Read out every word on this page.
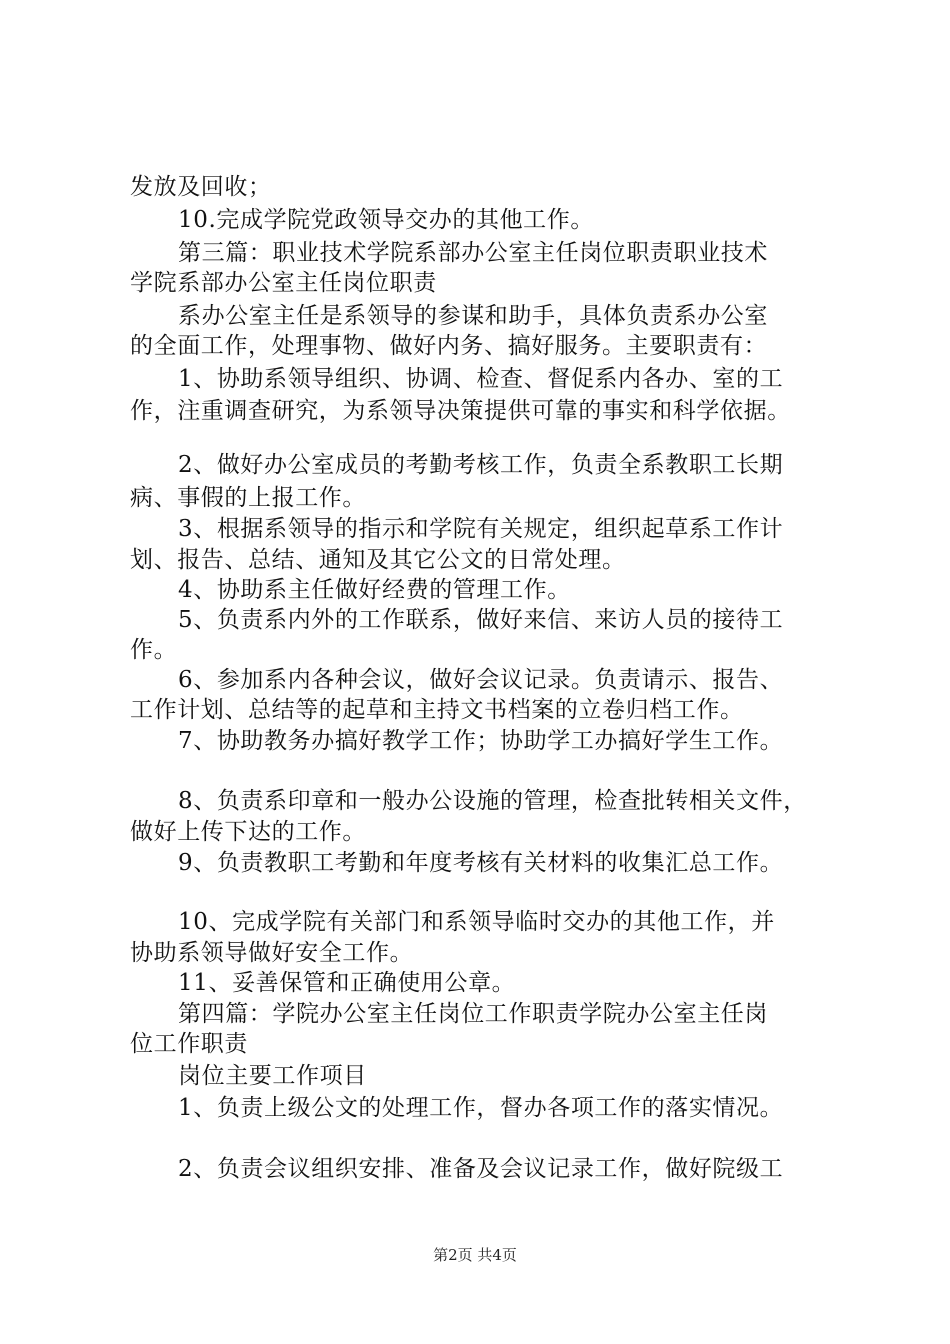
发放及回收；
10.完成学院党政领导交办的其他工作。
第三篇：职业技术学院系部办公室主任岗位职责职业技术
学院系部办公室主任岗位职责
系办公室主任是系领导的参谋和助手，具体负责系办公室
的全面工作，处理事物、做好内务、搞好服务。主要职责有：
1、协助系领导组织、协调、检查、督促系内各办、室的工
作，注重调查研究，为系领导决策提供可靠的事实和科学依据。
2、做好办公室成员的考勤考核工作，负责全系教职工长期
病、事假的上报工作。
3、根据系领导的指示和学院有关规定，组织起草系工作计
划、报告、总结、通知及其它公文的日常处理。
4、协助系主任做好经费的管理工作。
5、负责系内外的工作联系，做好来信、来访人员的接待工
作。
6、参加系内各种会议，做好会议记录。负责请示、报告、
工作计划、总结等的起草和主持文书档案的立卷归档工作。
7、协助教务办搞好教学工作；协助学工办搞好学生工作。
8、负责系印章和一般办公设施的管理，检查批转相关文件，
做好上传下达的工作。
9、负责教职工考勤和年度考核有关材料的收集汇总工作。
10、完成学院有关部门和系领导临时交办的其他工作，并
协助系领导做好安全工作。
11、妥善保管和正确使用公章。
第四篇：学院办公室主任岗位工作职责学院办公室主任岗
位工作职责
岗位主要工作项目
1、负责上级公文的处理工作，督办各项工作的落实情况。
2、负责会议组织安排、准备及会议记录工作，做好院级工
第2页 共4页
